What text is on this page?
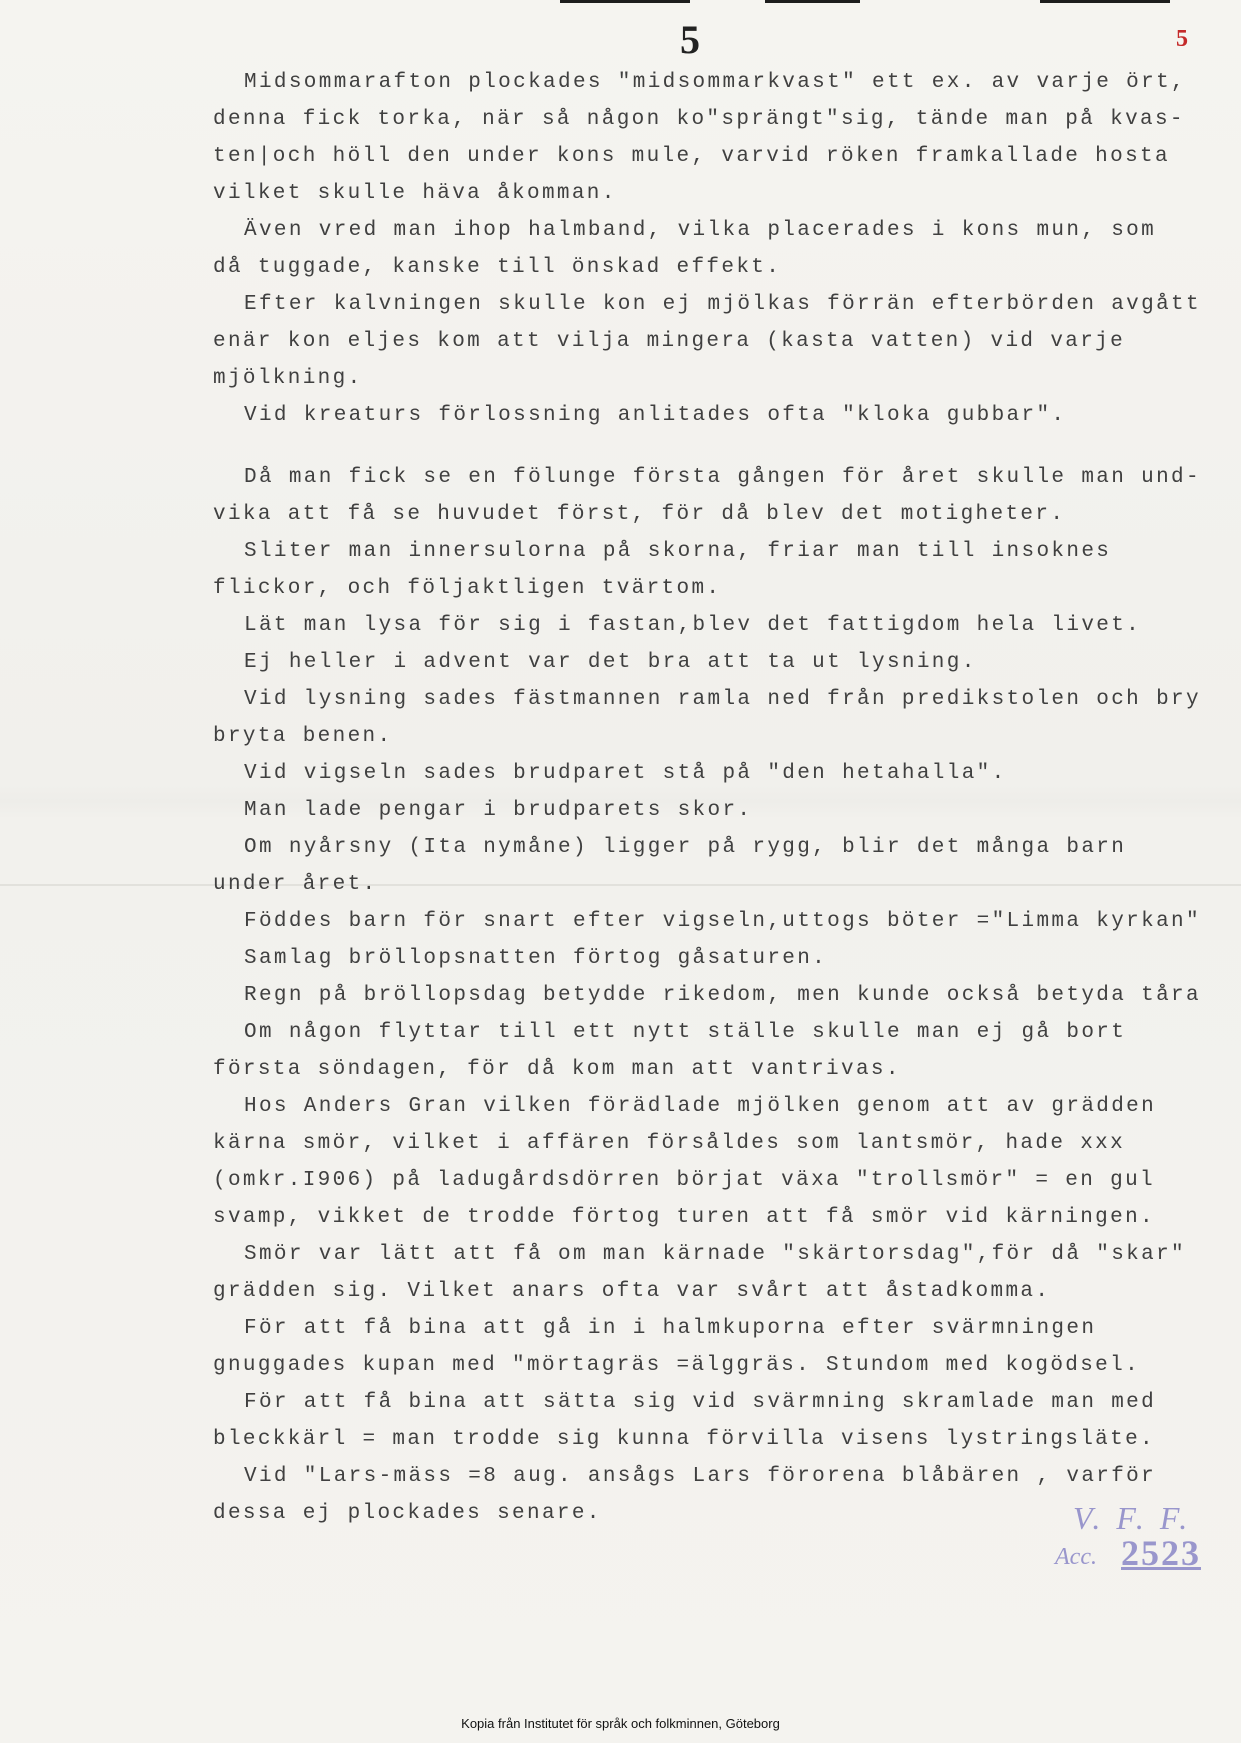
5	5
Midsommarafton plockades "midsommarkvast" ett ex. av varje ört,
denna fick torka, när så någon ko"sprängt"sig, tände man på kvas-
ten|och höll den under kons mule, varvid röken framkallade hosta
vilket skulle häva åkomman.
Även vred man ihop halmband, vilka placerades i kons mun, som
då tuggade, kanske till önskad effekt.
Efter kalvningen skulle kon ej mjölkas förrän efterbörden avgått
enär kon eljes kom att vilja mingera (kasta vatten) vid varje
mjölkning.
Vid kreaturs förlossning anlitades ofta "kloka gubbar".
Då man fick se en fölunge första gången för året skulle man und-
vika att få se huvudet först, för då blev det motigheter.
Sliter man innersulorna på skorna, friar man till insoknes
flickor, och följaktligen tvärtom.
Lät man lysa för sig i fastan,blev det fattigdom hela livet.
Ej heller i advent var det bra att ta ut lysning.
Vid lysning sades fästmannen ramla ned från predikstolen och bry
bryta benen.
Vid vigseln sades brudparet stå på "den hetahalla".
Man lade pengar i brudparets skor.
Om nyårsny (Ita nymåne) ligger på rygg, blir det många barn
under året.
Föddes barn för snart efter vigseln,uttogs böter ="Limma kyrkan"
Samlag bröllopsnatten förtog gåsaturen.
Regn på bröllopsdag betydde rikedom, men kunde också betyda tåra
Om någon flyttar till ett nytt ställe skulle man ej gå bort
första söndagen, för då kom man att vantrivas.
Hos Anders Gran vilken förädlade mjölken genom att av grädden
kärna smör, vilket i affären försåldes som lantsmör, hade xxx
(omkr.I906) på ladugårdsdörren börjat växa "trollsmör" = en gul
svamp, vikket de trodde förtog turen att få smör vid kärningen.
Smör var lätt att få om man kärnade "skärtorsdag",för då "skar"
grädden sig. Vilket anars ofta var svårt att åstadkomma.
För att få bina att gå in i halmkuporna efter svärmningen
gnuggades kupan med "mörtagräs =älggräs. Stundom med kogödsel.
För att få bina att sätta sig vid svärmning skramlade man med
bleckkärl = man trodde sig kunna förvilla visens lystringsläte.
Vid "Lars-mäss =8 aug. ansågs Lars förorena blåbären , varför
dessa ej plockades senare.	V. F. F.
Acc. 2523
Kopia från Institutet för språk och folkminnen, Göteborg
